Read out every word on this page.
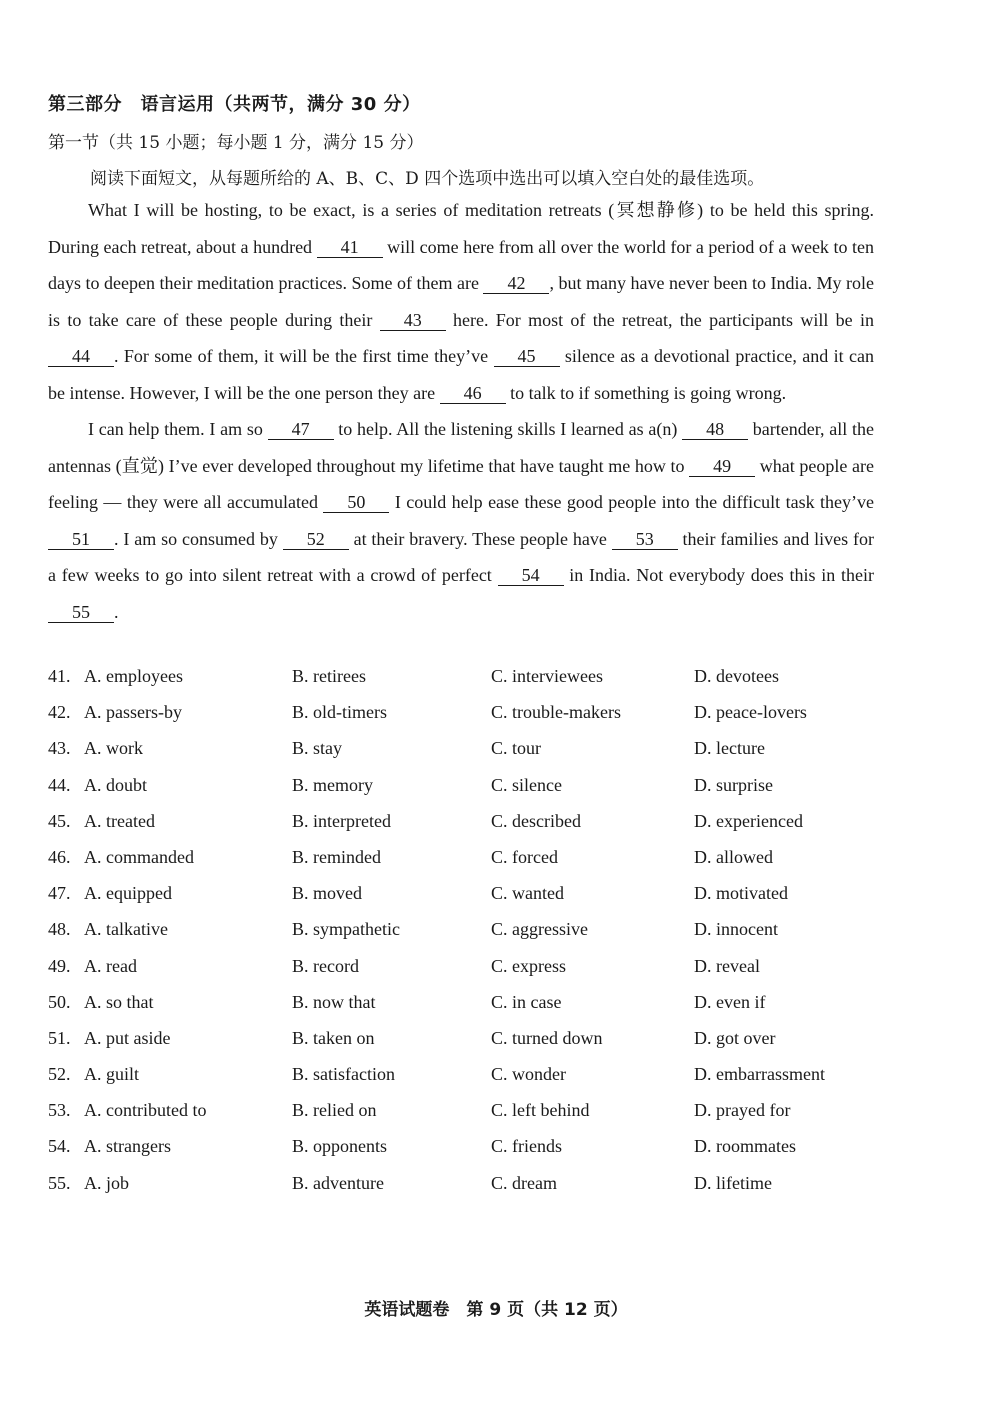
第三部分　语言运用（共两节，满分 30 分）
第一节（共 15 小题；每小题 1 分，满分 15 分）
阅读下面短文，从每题所给的 A、B、C、D 四个选项中选出可以填入空白处的最佳选项。

What I will be hosting, to be exact, is a series of meditation retreats (冥想静修) to be held this spring. During each retreat, about a hundred 41 will come here from all over the world for a period of a week to ten days to deepen their meditation practices. Some of them are 42 , but many have never been to India. My role is to take care of these people during their 43 here. For most of the retreat, the participants will be in 44 . For some of them, it will be the first time they’ve 45 silence as a devotional practice, and it can be intense. However, I will be the one person they are 46 to talk to if something is going wrong.

I can help them. I am so 47 to help. All the listening skills I learned as a(n) 48 bartender, all the antennas (直觉) I’ve ever developed throughout my lifetime that have taught me how to 49 what people are feeling — they were all accumulated 50 I could help ease these good people into the difficult task they’ve 51 . I am so consumed by 52 at their bravery. These people have 53 their families and lives for a few weeks to go into silent retreat with a crowd of perfect 54 in India. Not everybody does this in their 55 .

41. A. employees	B. retirees	C. interviewees	D. devotees
42. A. passers-by	B. old-timers	C. trouble-makers	D. peace-lovers
43. A. work	B. stay	C. tour	D. lecture
44. A. doubt	B. memory	C. silence	D. surprise
45. A. treated	B. interpreted	C. described	D. experienced
46. A. commanded	B. reminded	C. forced	D. allowed
47. A. equipped	B. moved	C. wanted	D. motivated
48. A. talkative	B. sympathetic	C. aggressive	D. innocent
49. A. read	B. record	C. express	D. reveal
50. A. so that	B. now that	C. in case	D. even if
51. A. put aside	B. taken on	C. turned down	D. got over
52. A. guilt	B. satisfaction	C. wonder	D. embarrassment
53. A. contributed to	B. relied on	C. left behind	D. prayed for
54. A. strangers	B. opponents	C. friends	D. roommates
55. A. job	B. adventure	C. dream	D. lifetime
英语试题卷　第 9 页（共 12 页）
